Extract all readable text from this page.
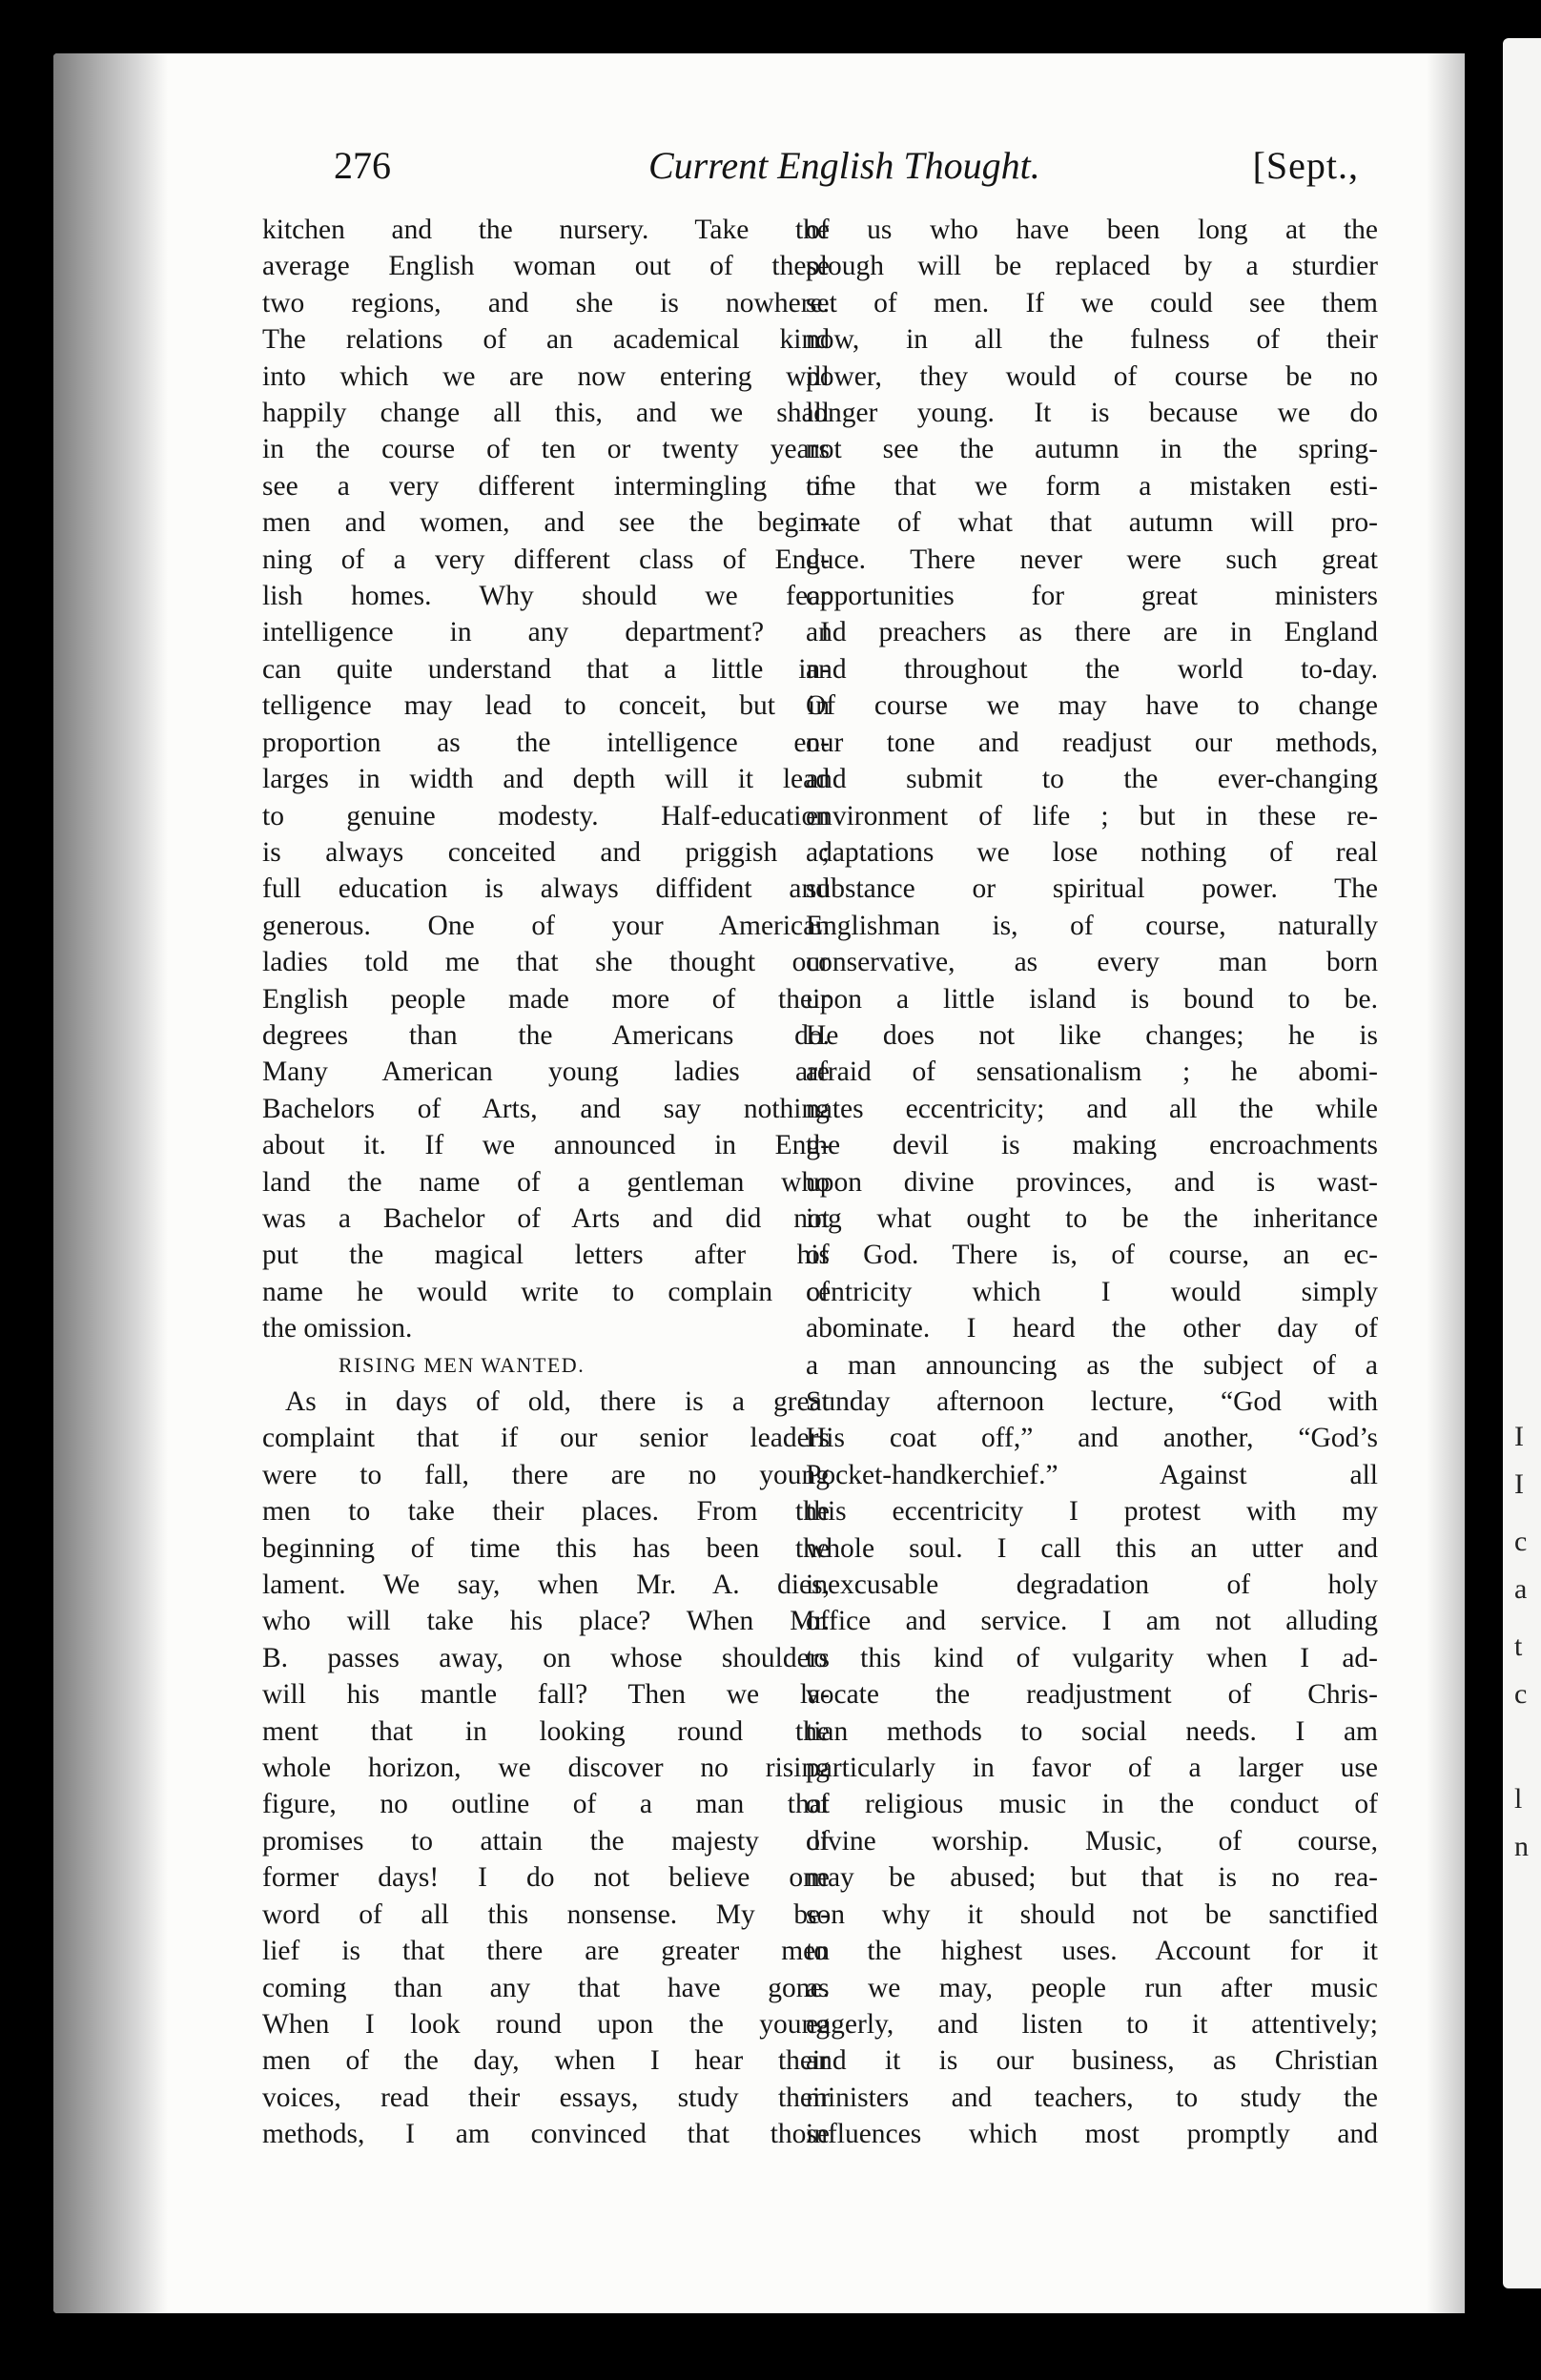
276	Current English Thought.	[Sept.,
kitchen and the nursery. Take the
average English woman out of these
two regions, and she is nowhere.
The relations of an academical kind
into which we are now entering will
happily change all this, and we shall
in the course of ten or twenty years
see a very different intermingling of
men and women, and see the begin-
ning of a very different class of Eng-
lish homes. Why should we fear
intelligence in any department? I
can quite understand that a little in-
telligence may lead to conceit, but in
proportion as the intelligence en-
larges in width and depth will it lead
to genuine modesty. Half-education
is always conceited and priggish ;
full education is always diffident and
generous. One of your American
ladies told me that she thought our
English people made more of their
degrees than the Americans do.
Many American young ladies are
Bachelors of Arts, and say nothing
about it. If we announced in Eng-
land the name of a gentleman who
was a Bachelor of Arts and did not
put the magical letters after his
name he would write to complain of
the omission.
RISING MEN WANTED.
As in days of old, there is a great
complaint that if our senior leaders
were to fall, there are no young
men to take their places. From the
beginning of time this has been the
lament. We say, when Mr. A. dies,
who will take his place? When Mr.
B. passes away, on whose shoulders
will his mantle fall? Then we la-
ment that in looking round the
whole horizon, we discover no rising
figure, no outline of a man that
promises to attain the majesty of
former days! I do not believe one
word of all this nonsense. My be-
lief is that there are greater men
coming than any that have gone.
When I look round upon the young
men of the day, when I hear their
voices, read their essays, study their
methods, I am convinced that those
of us who have been long at the
plough will be replaced by a sturdier
set of men. If we could see them
now, in all the fulness of their
power, they would of course be no
longer young. It is because we do
not see the autumn in the spring-
time that we form a mistaken esti-
mate of what that autumn will pro-
duce. There never were such great
opportunities for great ministers
and preachers as there are in England
and throughout the world to-day.
Of course we may have to change
our tone and readjust our methods,
and submit to the ever-changing
environment of life ; but in these re-
adaptations we lose nothing of real
substance or spiritual power. The
Englishman is, of course, naturally
conservative, as every man born
upon a little island is bound to be.
He does not like changes; he is
afraid of sensationalism ; he abomi-
nates eccentricity; and all the while
the devil is making encroachments
upon divine provinces, and is wast-
ing what ought to be the inheritance
of God. There is, of course, an ec-
centricity which I would simply
abominate. I heard the other day of
a man announcing as the subject of a
Sunday afternoon lecture, “God with
His coat off,” and another, “God’s
Pocket-handkerchief.” Against all
this eccentricity I protest with my
whole soul. I call this an utter and
inexcusable degradation of holy
office and service. I am not alluding
to this kind of vulgarity when I ad-
vocate the readjustment of Chris-
tian methods to social needs. I am
particularly in favor of a larger use
of religious music in the conduct of
divine worship. Music, of course,
may be abused; but that is no rea-
son why it should not be sanctified
to the highest uses. Account for it
as we may, people run after music
eagerly, and listen to it attentively;
and it is our business, as Christian
ministers and teachers, to study the
influences which most promptly and
I
I
c
a
t
c
l
n
